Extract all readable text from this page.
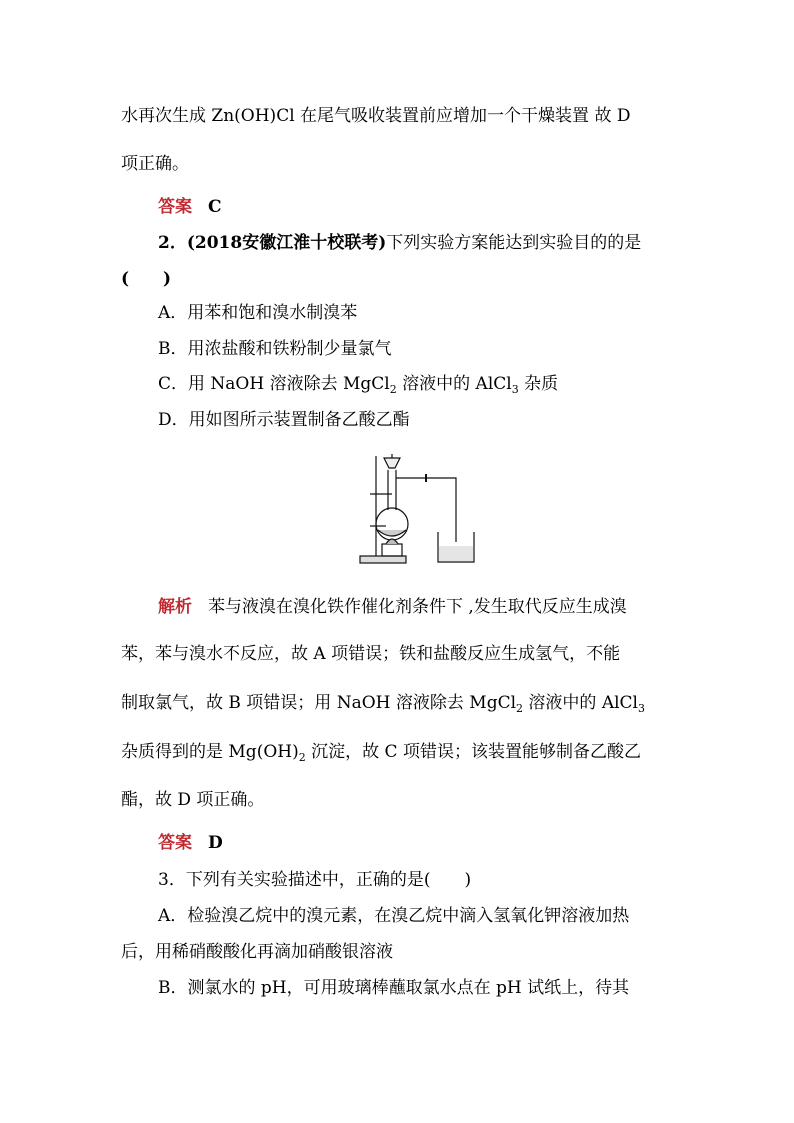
水再次生成 Zn(OH)Cl 在尾气吸收装置前应增加一个干燥装置 故 D
项正确。
答案 C
2．(2018安徽江淮十校联考)下列实验方案能达到实验目的的是
(　　)
A．用苯和饱和溴水制溴苯
B．用浓盐酸和铁粉制少量氯气
C．用 NaOH 溶液除去 MgCl$_2$ 溶液中的 AlCl$_3$ 杂质
D．用如图所示装置制备乙酸乙酯
解析 苯与液溴在溴化铁作催化剂条件下 ,发生取代反应生成溴
苯，苯与溴水不反应，故 A 项错误；铁和盐酸反应生成氢气，不能
制取氯气，故 B 项错误；用 NaOH 溶液除去 MgCl$_2$ 溶液中的 AlCl$_3$
杂质得到的是 $Mg(OH)_2$ 沉淀，故 C 项错误；该装置能够制备乙酸乙
酯，故 D 项正确。
答案 D
3．下列有关实验描述中，正确的是(　　)
A．检验溴乙烷中的溴元素，在溴乙烷中滴入氢氧化钾溶液加热
后，用稀硝酸酸化再滴加硝酸银溶液
B．测氯水的 pH，可用玻璃棒蘸取氯水点在 pH 试纸上，待其
